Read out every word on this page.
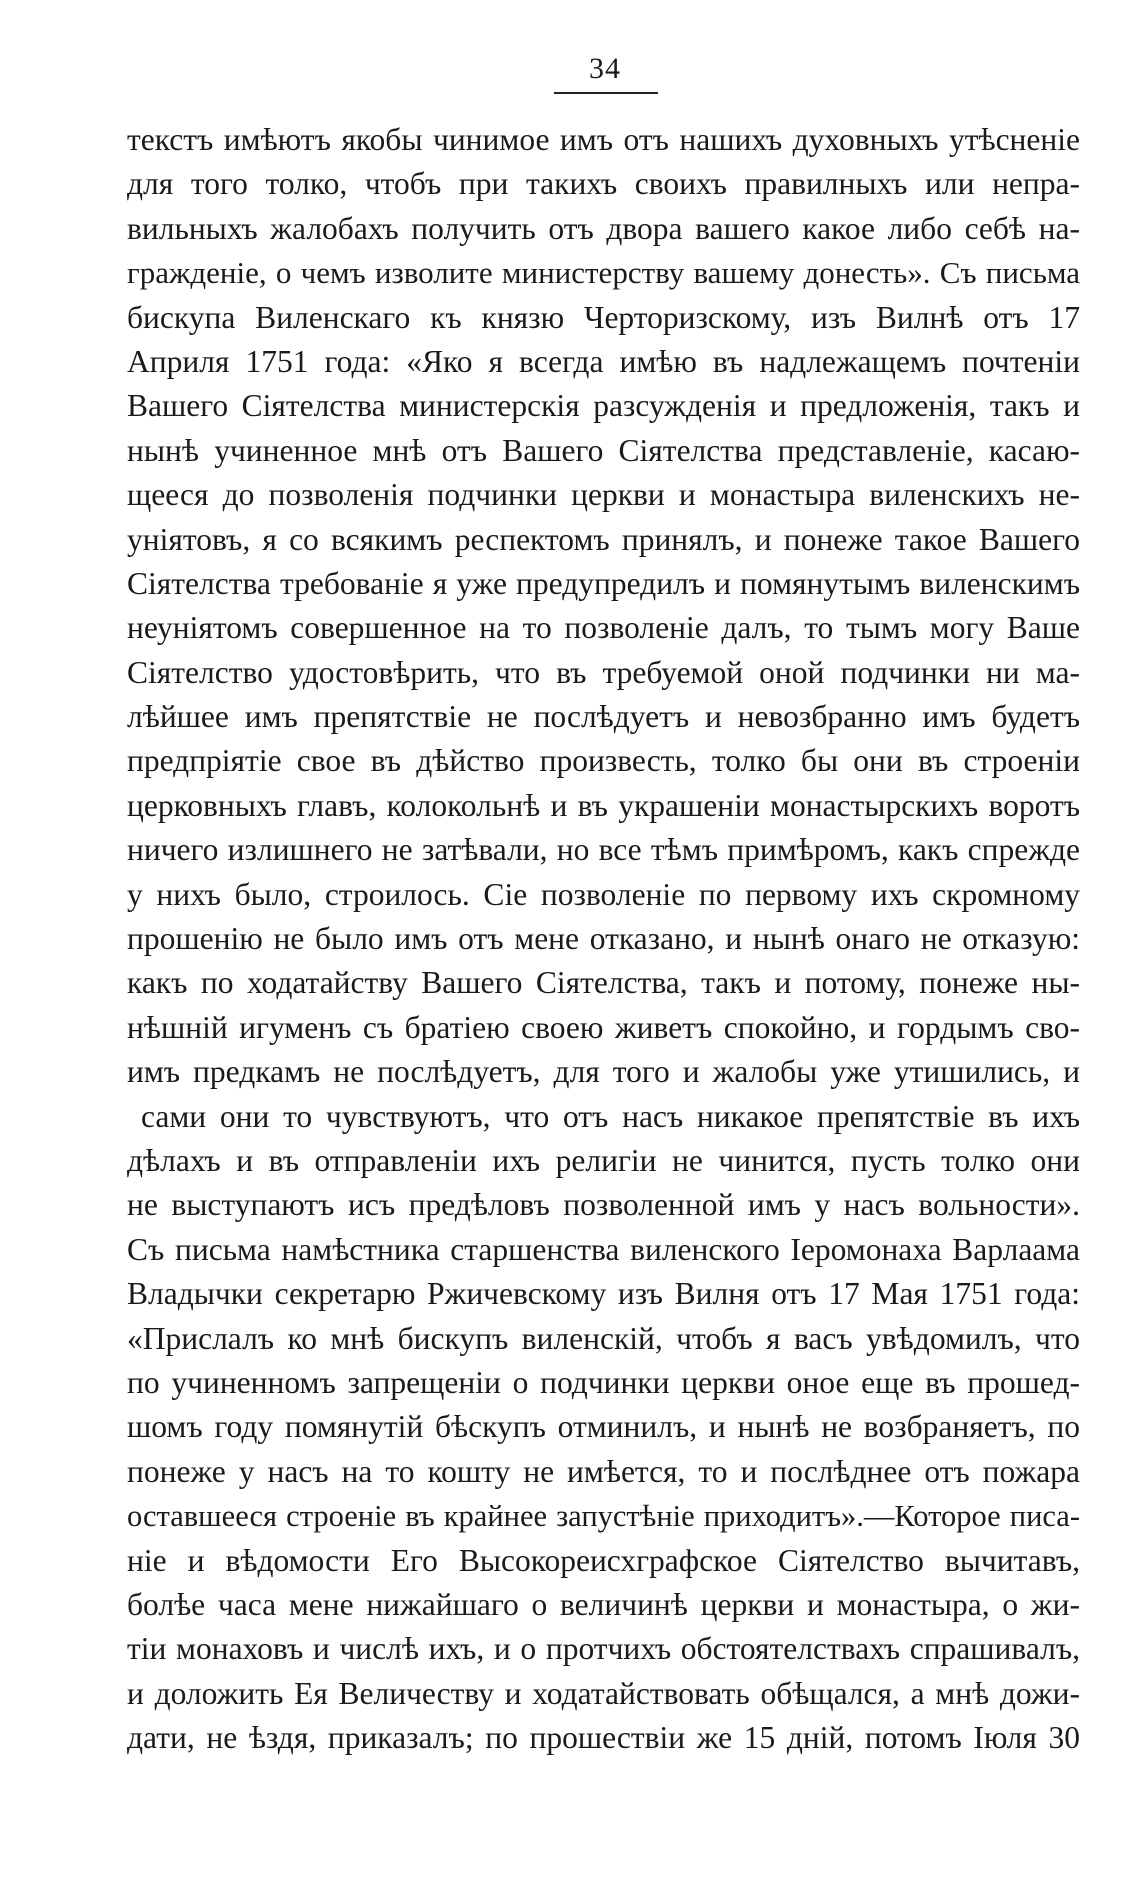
34
текстъ имѣютъ якобы чинимое имъ отъ нашихъ духовныхъ утѣсненіе
для того толко, чтобъ при такихъ своихъ правилныхъ или непра-
вильныхъ жалобахъ получить отъ двора вашего какое либо себѣ на-
гражденіе, о чемъ изволите министерству вашему донесть». Съ письма
бискупа Виленскаго къ князю Черторизскому, изъ Вилнѣ отъ 17
Априля 1751 года: «Яко я всегда имѣю въ надлежащемъ почтеніи
Вашего Сіятелства министерскія разсужденія и предложенія, такъ и
нынѣ учиненное мнѣ отъ Вашего Сіятелства представленіе, касаю-
щееся до позволенія подчинки церкви и монастыра виленскихъ не-
уніятовъ, я со всякимъ респектомъ принялъ, и понеже такое Вашего
Сіятелства требованіе я уже предупредилъ и помянутымъ виленскимъ
неуніятомъ совершенное на то позволеніе далъ, то тымъ могу Ваше
Сіятелство удостовѣрить, что въ требуемой оной подчинки ни ма-
лѣйшее имъ препятствіе не послѣдуетъ и невозбранно имъ будетъ
предпріятіе свое въ дѣйство произвесть, толко бы они въ строеніи
церковныхъ главъ, колокольнѣ и въ украшеніи монастырскихъ воротъ
ничего излишнего не затѣвали, но все тѣмъ примѣромъ, какъ спрежде
у нихъ было, строилось. Сіе позволеніе по первому ихъ скромному
прошенію не было имъ отъ мене отказано, и нынѣ онаго не отказую:
какъ по ходатайству Вашего Сіятелства, такъ и потому, понеже ны-
нѣшній игуменъ съ братіею своею живетъ спокойно, и гордымъ сво-
имъ предкамъ не послѣдуетъ, для того и жалобы уже утишились, и
сами они то чувствуютъ, что отъ насъ никакое препятствіе въ ихъ
дѣлахъ и въ отправленіи ихъ религіи не чинится, пусть толко они
не выступаютъ исъ предѣловъ позволенной имъ у насъ вольности».
Съ письма намѣстника старшенства виленского Іеромонаха Варлаама
Владычки секретарю Ржичевскому изъ Вилня отъ 17 Мая 1751 года:
«Прислалъ ко мнѣ бискупъ виленскій, чтобъ я васъ увѣдомилъ, что
по учиненномъ запрещеніи о подчинки церкви оное еще въ прошед-
шомъ году помянутій бѣскупъ отминилъ, и нынѣ не возбраняетъ, по
понеже у насъ на то кошту не имѣется, то и послѣднее отъ пожара
оставшееся строеніе въ крайнее запустѣніе приходитъ».—Которое писа-
ніе и вѣдомости Его Высокореисхграфское Сіятелство вычитавъ,
болѣе часа мене нижайшаго о величинѣ церкви и монастыра, о жи-
тіи монаховъ и числѣ ихъ, и о протчихъ обстоятелствахъ спрашивалъ,
и доложить Ея Величеству и ходатайствовать обѣщался, а мнѣ дожи-
дати, не ѣздя, приказалъ; по прошествіи же 15 дній, потомъ Іюля 30
